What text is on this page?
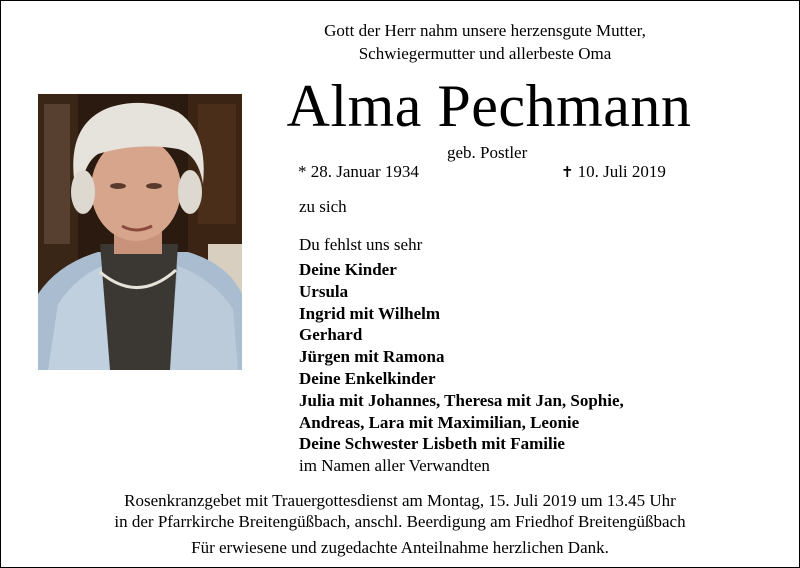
Gott der Herr nahm unsere herzensgute Mutter,
Schwiegermutter und allerbeste Oma
Alma Pechmann
geb. Postler
* 28. Januar 1934	✝ 10. Juli 2019
zu sich
Du fehlst uns sehr
Deine Kinder
Ursula
Ingrid mit Wilhelm
Gerhard
Jürgen mit Ramona
Deine Enkelkinder
Julia mit Johannes, Theresa mit Jan, Sophie,
Andreas, Lara mit Maximilian, Leonie
Deine Schwester Lisbeth mit Familie
im Namen aller Verwandten
Rosenkranzgebet mit Trauergottesdienst am Montag, 15. Juli 2019 um 13.45 Uhr
in der Pfarrkirche Breitengüßbach, anschl. Beerdigung am Friedhof Breitengüßbach
Für erwiesene und zugedachte Anteilnahme herzlichen Dank.
